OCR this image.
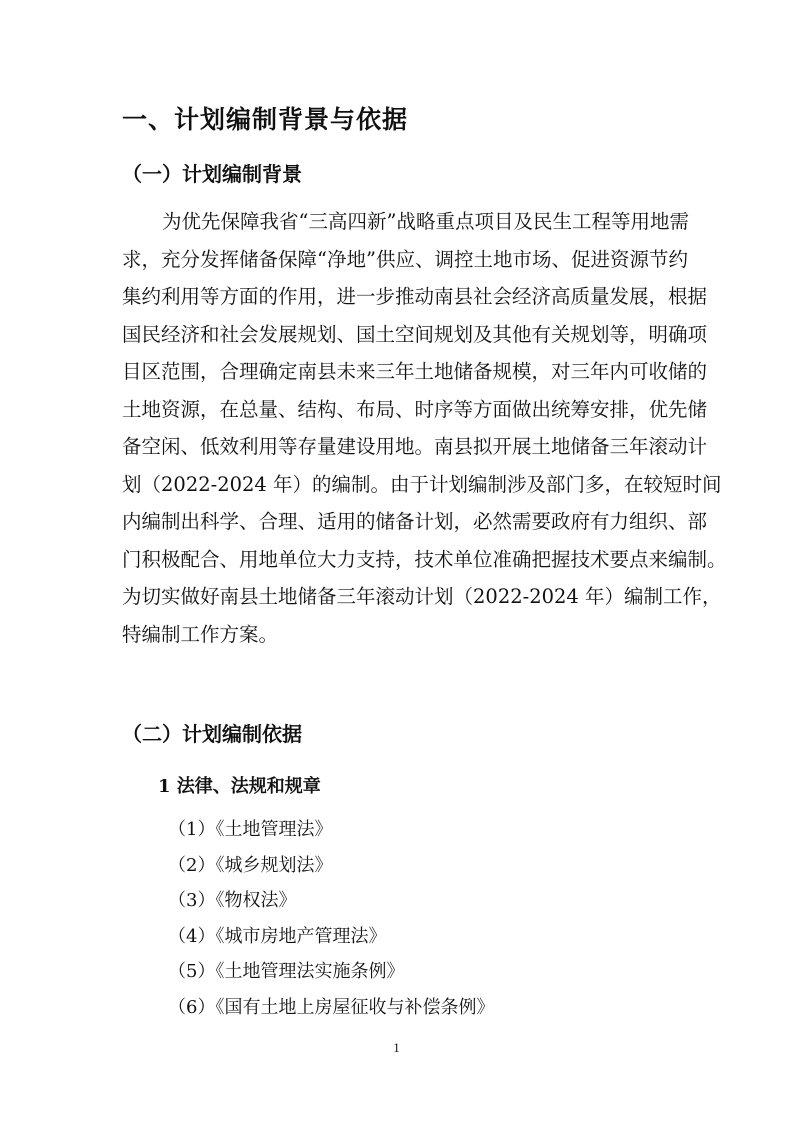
一、计划编制背景与依据
（一）计划编制背景
为优先保障我省“三高四新”战略重点项目及民生工程等用地需
求，充分发挥储备保障“净地”供应、调控土地市场、促进资源节约
集约利用等方面的作用，进一步推动南县社会经济高质量发展，根据
国民经济和社会发展规划、国土空间规划及其他有关规划等，明确项
目区范围，合理确定南县未来三年土地储备规模，对三年内可收储的
土地资源，在总量、结构、布局、时序等方面做出统筹安排，优先储
备空闲、低效利用等存量建设用地。南县拟开展土地储备三年滚动计
划（2022-2024 年）的编制。由于计划编制涉及部门多，在较短时间
内编制出科学、合理、适用的储备计划，必然需要政府有力组织、部
门积极配合、用地单位大力支持，技术单位准确把握技术要点来编制。
为切实做好南县土地储备三年滚动计划（2022-2024 年）编制工作，
特编制工作方案。
（二）计划编制依据
1 法律、法规和规章
（1）《土地管理法》
（2）《城乡规划法》
（3）《物权法》
（4）《城市房地产管理法》
（5）《土地管理法实施条例》
（6）《国有土地上房屋征收与补偿条例》
1
